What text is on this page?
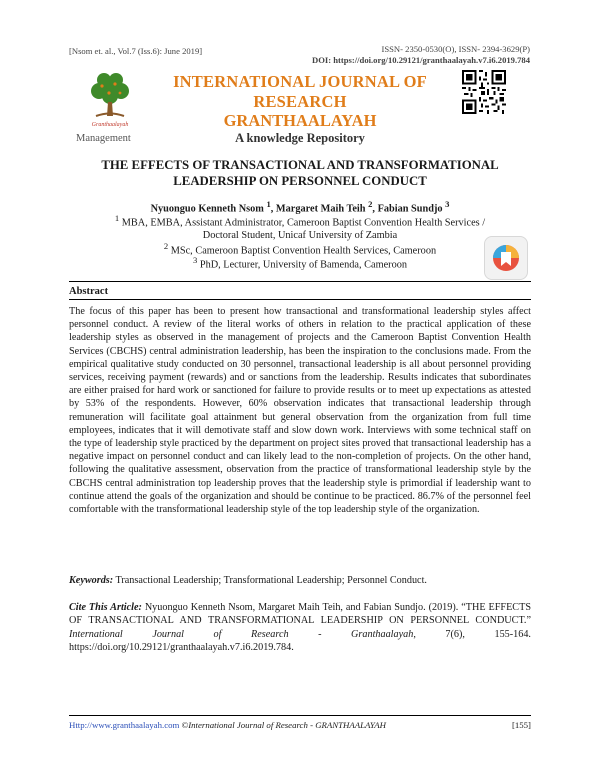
[Nsom et. al., Vol.7 (Iss.6): June 2019]	ISSN- 2350-0530(O), ISSN- 2394-3629(P)
DOI: https://doi.org/10.29121/granthaalayah.v7.i6.2019.784
Granthaalayah
INTERNATIONAL JOURNAL OF RESEARCH
GRANTHAALAYAH
A knowledge Repository
Management
THE EFFECTS OF TRANSACTIONAL AND TRANSFORMATIONAL
LEADERSHIP ON PERSONNEL CONDUCT
Nyuonguo Kenneth Nsom $^1$, Margaret Maih Teih $^2$, Fabian Sundjo $^3$
$^1$ MBA, EMBA, Assistant Administrator, Cameroon Baptist Convention Health Services /
Doctoral Student, Unicaf University of Zambia
$^2$ MSc, Cameroon Baptist Convention Health Services, Cameroon
$^3$ PhD, Lecturer, University of Bamenda, Cameroon
Abstract
The focus of this paper has been to present how transactional and transformational leadership styles affect personnel conduct. A review of the literal works of others in relation to the practical application of these leadership styles as observed in the management of projects and the Cameroon Baptist Convention Health Services (CBCHS) central administration leadership, has been the inspiration to the conclusions made. From the empirical qualitative study conducted on 30 personnel, transactional leadership is all about personnel providing services, receiving payment (rewards) and or sanctions from the leadership. Results indicates that subordinates are either praised for hard work or sanctioned for failure to provide results or to meet up expectations as attested by 53% of the respondents. However, 60% observation indicates that transactional leadership through remuneration will facilitate goal attainment but general observation from the organization from full time employees, indicates that it will demotivate staff and slow down work. Interviews with some technical staff on the type of leadership style practiced by the department on project sites proved that transactional leadership has a negative impact on personnel conduct and can likely lead to the non-completion of projects. On the other hand, following the qualitative assessment, observation from the practice of transformational leadership style by the CBCHS central administration top leadership proves that the leadership style is primordial if leadership want to continue attend the goals of the organization and should be continue to be practiced. 86.7% of the personnel feel comfortable with the transformational leadership style of the top leadership style of the organization.
Keywords: Transactional Leadership; Transformational Leadership; Personnel Conduct.
Cite This Article: Nyuonguo Kenneth Nsom, Margaret Maih Teih, and Fabian Sundjo. (2019). “THE EFFECTS OF TRANSACTIONAL AND TRANSFORMATIONAL LEADERSHIP ON PERSONNEL CONDUCT.” International Journal of Research - Granthaalayah, 7(6), 155-164. https://doi.org/10.29121/granthaalayah.v7.i6.2019.784.
Http://www.granthaalayah.com ©International Journal of Research - GRANTHAALAYAH	[155]
